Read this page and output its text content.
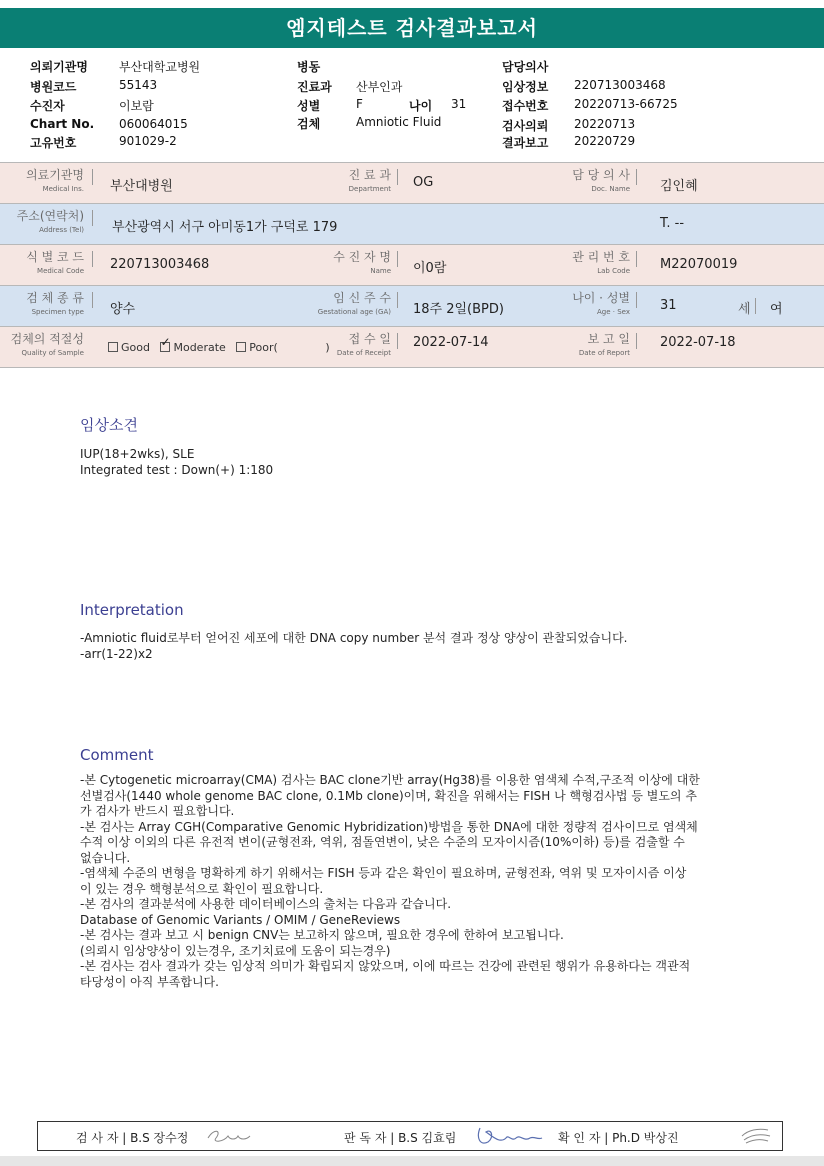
엠지테스트 검사결과보고서
의뢰기관명	부산대학교병원
병원코드	55143
수진자	이보람
Chart No. 060064015
고유번호	901029-2
병동
진료과 산부인과
성별	F	나이 31
검체	Amniotic Fluid
담당의사
임상정보 220713003468
접수번호 20220713-66725
검사의뢰 20220713
결과보고 20220729
의료기관명
Medical Ins. 부산대병원
진 료 과
Department OG	담 당 의 사
Doc. Name 김인혜
주소(연락처)
Address (Tel) 부산광역시 서구 아미동1가 구덕로 179	T. --
식 별 코 드
Medical Code 220713003468	수 진 자 명
Name 이0람
관 리 번 호
Lab Code M22070019
검 체 종 류
Specimen type 양수
임 신 주 수
Gestational age (GA) 18주 2일(BPD)
나이 · 성별
Age · Sex 31	세 여
검체의 적절성
Quality of Sample	Good   ✓ Moderate Poor(	)
접 수 일
Date of Receipt
2022-07-14	보 고 일
Date of Report
2022-07-18
임상소견

IUP(18+2wks), SLE

Integrated test : Down(+) 1:180

Interpretation

-Amniotic fluid로부터 얻어진 세포에 대한 DNA copy number 분석 결과 정상 양상이 관찰되었습니다.

-arr(1-22)x2

Comment

-본 Cytogenetic microarray(CMA) 검사는 BAC clone기반 array(Hg38)를 이용한 염색체 수적,구조적 이상에 대한

선별검사(1440 whole genome BAC clone, 0.1Mb clone)이며, 확진을 위해서는 FISH 나 핵형검사법 등 별도의 추

가 검사가 반드시 필요합니다.

-본 검사는 Array CGH(Comparative Genomic Hybridization)방법을 통한 DNA에 대한 정량적 검사이므로 염색체

수적 이상 이외의 다른 유전적 변이(균형전좌, 역위, 점돌연변이, 낮은 수준의 모자이시즘(10%이하) 등)를 검출할 수

없습니다.

-염색체 수준의 변형을 명확하게 하기 위해서는 FISH 등과 같은 확인이 필요하며, 균형전좌, 역위 및 모자이시즘 이상

이 있는 경우 핵형분석으로 확인이 필요합니다.

-본 검사의 결과분석에 사용한 데이터베이스의 출처는 다음과 같습니다.

Database of Genomic Variants / OMIM / GeneReviews

-본 검사는 결과 보고 시 benign CNV는 보고하지 않으며, 필요한 경우에 한하여 보고됩니다.

(의뢰시 임상양상이 있는경우, 조기치료에 도움이 되는경우)

-본 검사는 검사 결과가 갖는 임상적 의미가 확립되지 않았으며, 이에 따르는 건강에 관련된 행위가 유용하다는 객관적

타당성이 아직 부족합니다.

검 사 자 | B.S 장수정	판 독 자 | B.S 김효림	확 인 자 | Ph.D 박상진
